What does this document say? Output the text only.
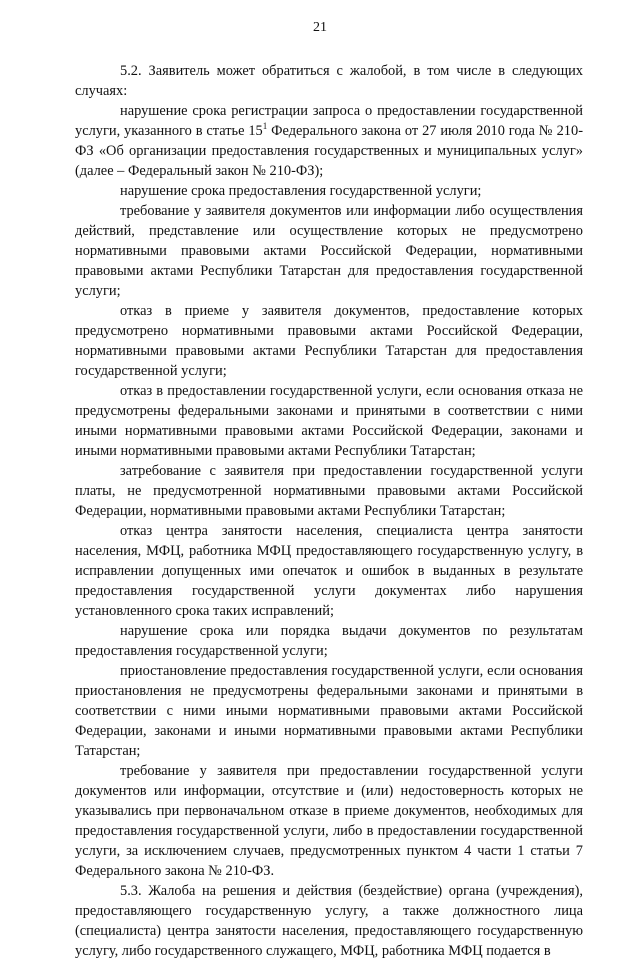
21

5.2. Заявитель может обратиться с жалобой, в том числе в следующих случаях:

нарушение срока регистрации запроса о предоставлении государственной услуги, указанного в статье $15^1$ Федерального закона от 27 июля 2010 года № 210-ФЗ «Об организации предоставления государственных и муниципальных услуг» (далее – Федеральный закон № 210-ФЗ);

нарушение срока предоставления государственной услуги;

требование у заявителя документов или информации либо осуществления действий, представление или осуществление которых не предусмотрено нормативными правовыми актами Российской Федерации, нормативными правовыми актами Республики Татарстан для предоставления государственной услуги;

отказ в приеме у заявителя документов, предоставление которых предусмотрено нормативными правовыми актами Российской Федерации, нормативными правовыми актами Республики Татарстан для предоставления государственной услуги;

отказ в предоставлении государственной услуги, если основания отказа не предусмотрены федеральными законами и принятыми в соответствии с ними иными нормативными правовыми актами Российской Федерации, законами и иными нормативными правовыми актами Республики Татарстан;

затребование с заявителя при предоставлении государственной услуги платы, не предусмотренной нормативными правовыми актами Российской Федерации, нормативными правовыми актами Республики Татарстан;

отказ центра занятости населения, специалиста центра занятости населения, МФЦ, работника МФЦ предоставляющего государственную услугу, в исправлении допущенных ими опечаток и ошибок в выданных в результате предоставления государственной услуги документах либо нарушения установленного срока таких исправлений;

нарушение срока или порядка выдачи документов по результатам предоставления государственной услуги;

приостановление предоставления государственной услуги, если основания приостановления не предусмотрены федеральными законами и принятыми в соответствии с ними иными нормативными правовыми актами Российской Федерации, законами и иными нормативными правовыми актами Республики Татарстан;

требование у заявителя при предоставлении государственной услуги документов или информации, отсутствие и (или) недостоверность которых не указывались при первоначальном отказе в приеме документов, необходимых для предоставления государственной услуги, либо в предоставлении государственной услуги, за исключением случаев, предусмотренных пунктом 4 части 1 статьи 7 Федерального закона № 210-ФЗ.

5.3. Жалоба на решения и действия (бездействие) органа (учреждения), предоставляющего государственную услугу, а также должностного лица (специалиста) центра занятости населения, предоставляющего государственную услугу, либо государственного служащего, МФЦ, работника МФЦ подается в
